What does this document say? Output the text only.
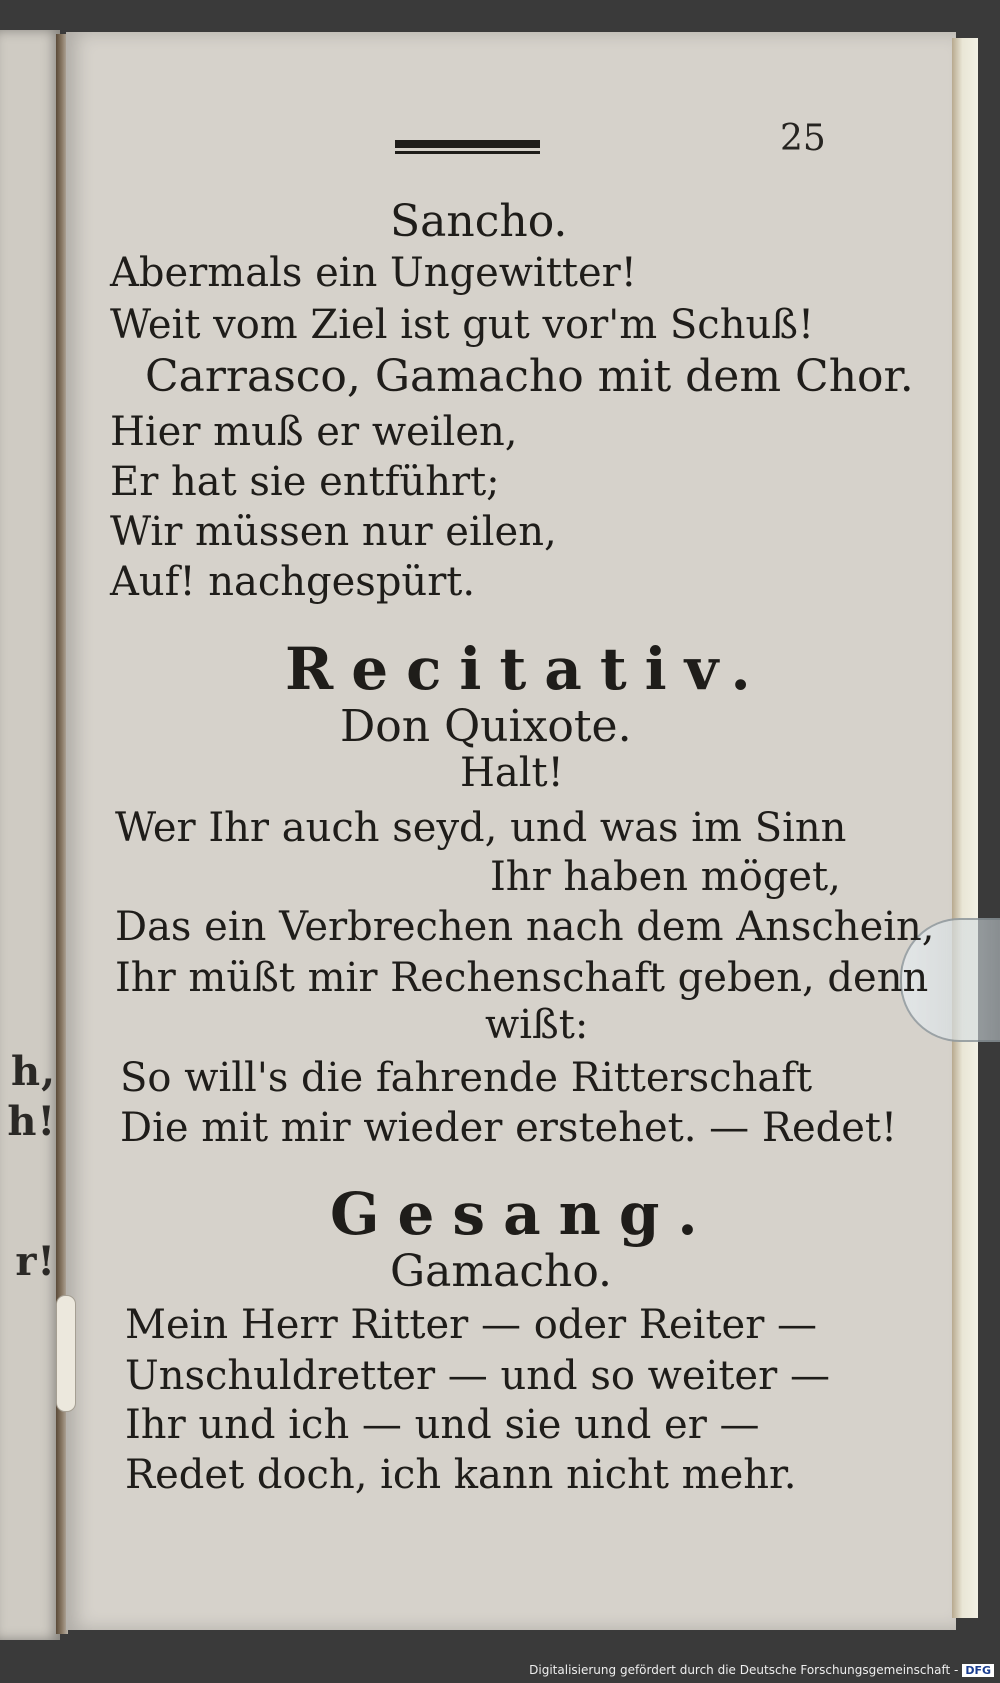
h,
h!
r!
25
Sancho.
Abermals ein Ungewitter!
Weit vom Ziel ist gut vor'm Schuß!
Carrasco, Gamacho mit dem Chor.
Hier muß er weilen,
Er hat sie entführt;
Wir müssen nur eilen,
Auf! nachgespürt.
Recitativ.
Don Quixote.
Halt!
Wer Ihr auch seyd, und was im Sinn
Ihr haben möget,
Das ein Verbrechen nach dem Anschein,
Ihr müßt mir Rechenschaft geben, denn
wißt:
So will's die fahrende Ritterschaft
Die mit mir wieder erstehet. — Redet!
Gesang.
Gamacho.
Mein Herr Ritter — oder Reiter —
Unschuldretter — und so weiter —
Ihr und ich — und sie und er —
Redet doch, ich kann nicht mehr.
Digitalisierung gefördert durch die Deutsche Forschungsgemeinschaft - DFG
